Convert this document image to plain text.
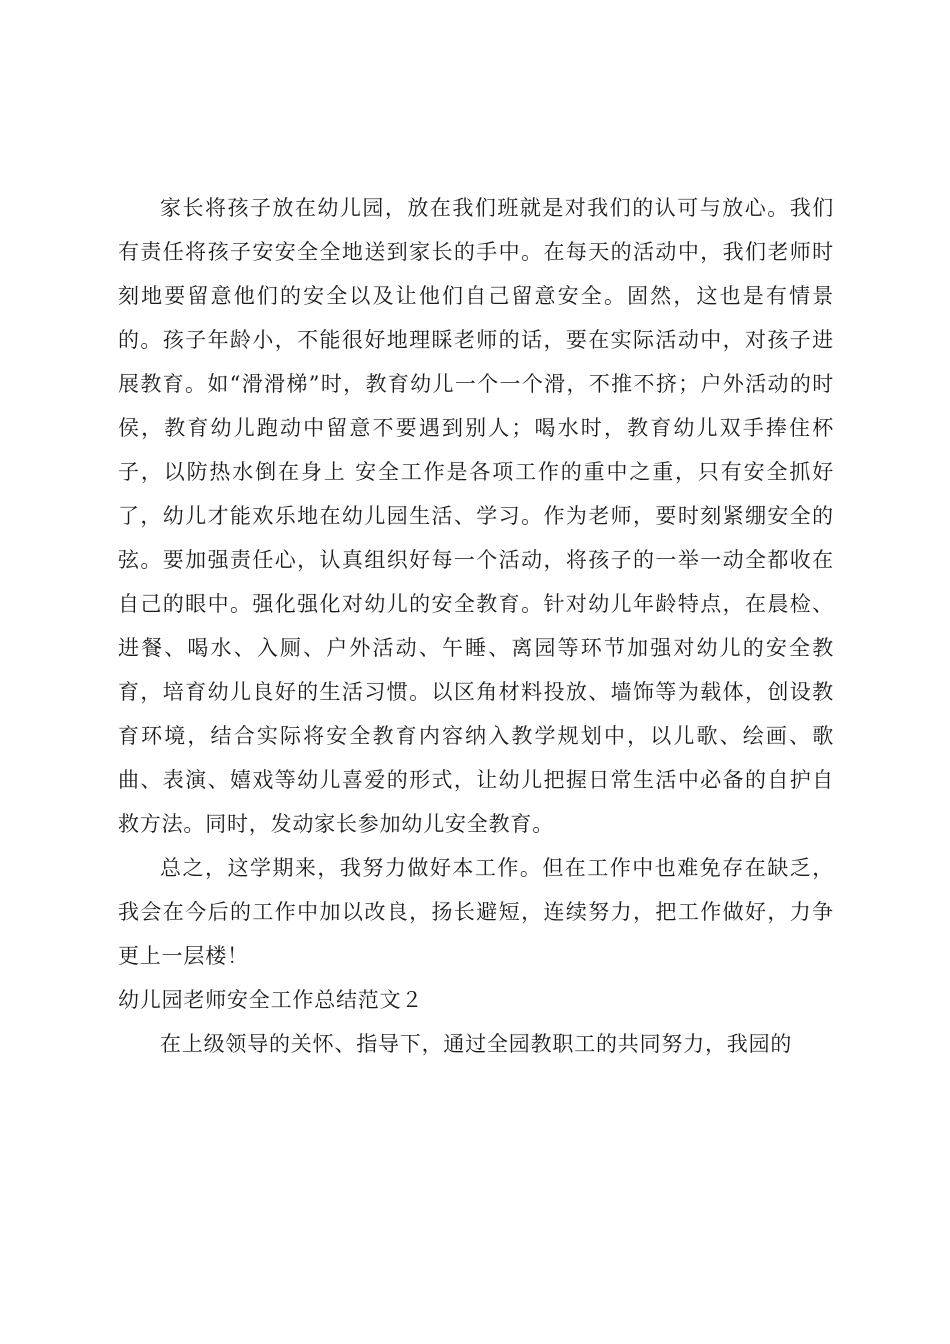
家长将孩子放在幼儿园，放在我们班就是对我们的认可与放心。我们有责任将孩子安安全全地送到家长的手中。在每天的活动中，我们老师时刻地要留意他们的安全以及让他们自己留意安全。固然，这也是有情景的。孩子年龄小，不能很好地理睬老师的话，要在实际活动中，对孩子进展教育。如“滑滑梯”时，教育幼儿一个一个滑，不推不挤；户外活动的时侯，教育幼儿跑动中留意不要遇到别人；喝水时，教育幼儿双手捧住杯子，以防热水倒在身上 安全工作是各项工作的重中之重，只有安全抓好了，幼儿才能欢乐地在幼儿园生活、学习。作为老师，要时刻紧绷安全的弦。要加强责任心，认真组织好每一个活动，将孩子的一举一动全都收在自己的眼中。强化强化对幼儿的安全教育。针对幼儿年龄特点，在晨检、进餐、喝水、入厕、户外活动、午睡、离园等环节加强对幼儿的安全教育，培育幼儿良好的生活习惯。以区角材料投放、墙饰等为载体，创设教育环境，结合实际将安全教育内容纳入教学规划中，以儿歌、绘画、歌曲、表演、嬉戏等幼儿喜爱的形式，让幼儿把握日常生活中必备的自护自救方法。同时，发动家长参加幼儿安全教育。

总之，这学期来，我努力做好本工作。但在工作中也难免存在缺乏，我会在今后的工作中加以改良，扬长避短，连续努力，把工作做好，力争更上一层楼！

幼儿园老师安全工作总结范文２

在上级领导的关怀、指导下，通过全园教职工的共同努力，我园的
